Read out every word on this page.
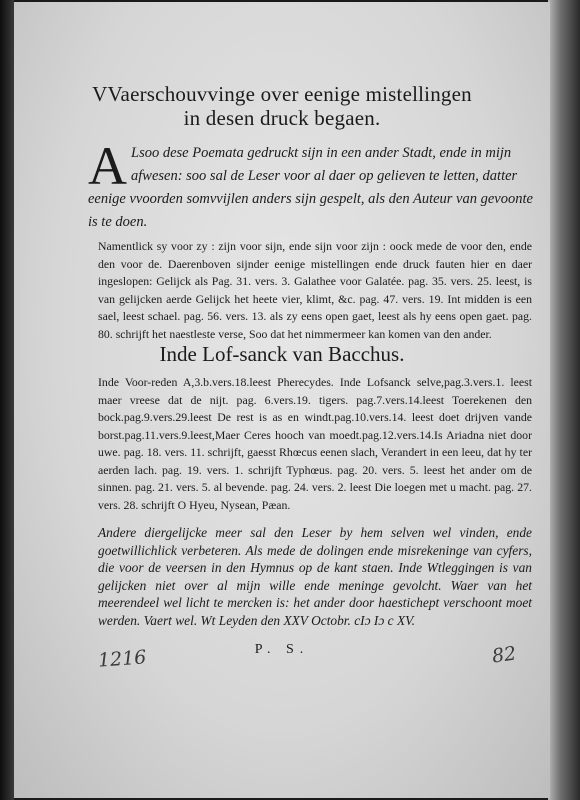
VVaerschouvvinge over eenige mistellingen
in desen druck begaen.
A Lsoo dese Poemata gedruckt sijn in een ander Stadt, ende in mijn afwesen: soo sal de Leser voor al daer op gelieven te letten, datter eenige vvoorden somvvijlen anders sijn gespelt, als den Auteur van gevoonte is te doen.
Namentlick sy voor zy : zijn voor sijn, ende sijn voor zijn : oock mede de voor den, ende den voor de. Daerenboven sijnder eenige mistellingen ende druck fauten hier en daer ingeslopen: Gelijck als Pag. 31. vers. 3. Galathee voor Galatée. pag. 35. vers. 25. leest, is van gelijcken aerde Gelijck het heete vier, klimt, &c. pag. 47. vers. 19. Int midden is een sael, leest schael. pag. 56. vers. 13. als zy eens open gaet, leest als hy eens open gaet. pag. 80. schrijft het naestleste verse, Soo dat het nimmermeer kan komen van den ander.
Inde Lof-sanck van Bacchus.
Inde Voor-reden A,3.b.vers.18.leest Pherecydes. Inde Lofsanck selve,pag.3.vers.1. leest maer vreese dat de nijt. pag. 6.vers.19. tigers. pag.7.vers.14.leest Toerekenen den bock.pag.9.vers.29.leest De rest is as en windt.pag.10.vers.14. leest doet drijven vande borst.pag.11.vers.9.leest,Maer Ceres hooch van moedt.pag.12.vers.14.Is Ariadna niet door uwe. pag. 18. vers. 11. schrijft, gaesst Rhœcus eenen slach, Verandert in een leeu, dat hy ter aerden lach. pag. 19. vers. 1. schrijft Typhœus. pag. 20. vers. 5. leest het ander om de sinnen. pag. 21. vers. 5. al bevende. pag. 24. vers. 2. leest Die loegen met u macht. pag. 27. vers. 28. schrijft O Hyeu, Nysean, Pæan.
Andere diergelijcke meer sal den Leser by hem selven wel vinden, ende goetwillichlick verbeteren. Als mede de dolingen ende misrekeninge van cyfers, die voor de veersen in den Hymnus op de kant staen. Inde Wtleggingen is van gelijcken niet over al mijn wille ende meninge gevolcht. Waer van het meerendeel wel licht te mercken is: het ander door haestichept verschoont moet werden. Vaert wel. Wt Leyden den XXV Octobr. cIɔ Iɔ c XV.
P. S.
1216	82
